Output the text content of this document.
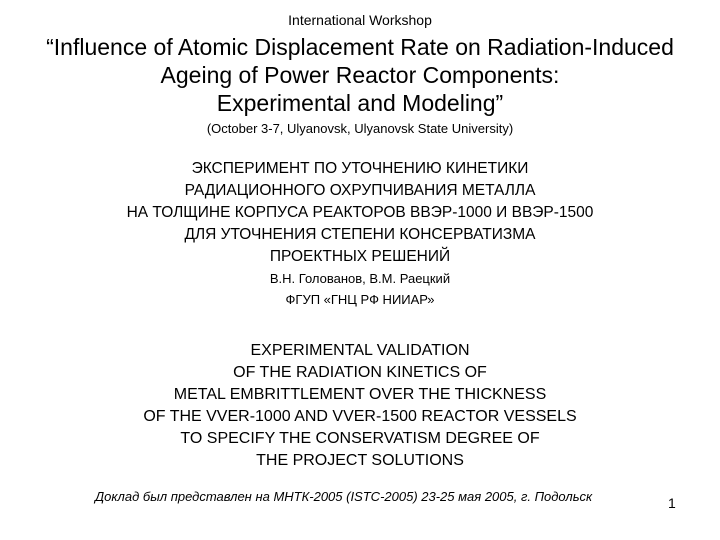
International Workshop
“Influence of Atomic Displacement Rate on Radiation-Induced
Ageing of Power Reactor Components:
Experimental and Modeling”
(October 3-7, Ulyanovsk, Ulyanovsk State University)
ЭКСПЕРИМЕНТ ПО УТОЧНЕНИЮ КИНЕТИКИ
РАДИАЦИОННОГО ОХРУПЧИВАНИЯ МЕТАЛЛА
НА ТОЛЩИНЕ КОРПУСА РЕАКТОРОВ ВВЭР-1000 И ВВЭР-1500
ДЛЯ УТОЧНЕНИЯ СТЕПЕНИ КОНСЕРВАТИЗМА
ПРОЕКТНЫХ РЕШЕНИЙ
В.Н. Голованов, В.М. Раецкий
ФГУП «ГНЦ РФ НИИАР»
EXPERIMENTAL VALIDATION
OF THE RADIATION KINETICS OF
METAL EMBRITTLEMENT OVER THE THICKNESS
OF THE VVER-1000 AND VVER-1500 REACTOR VESSELS
TO SPECIFY THE CONSERVATISM DEGREE OF
THE PROJECT SOLUTIONS
Доклад был представлен на МНТК-2005 (ISTC-2005) 23-25 мая 2005, г. Подольск	1
